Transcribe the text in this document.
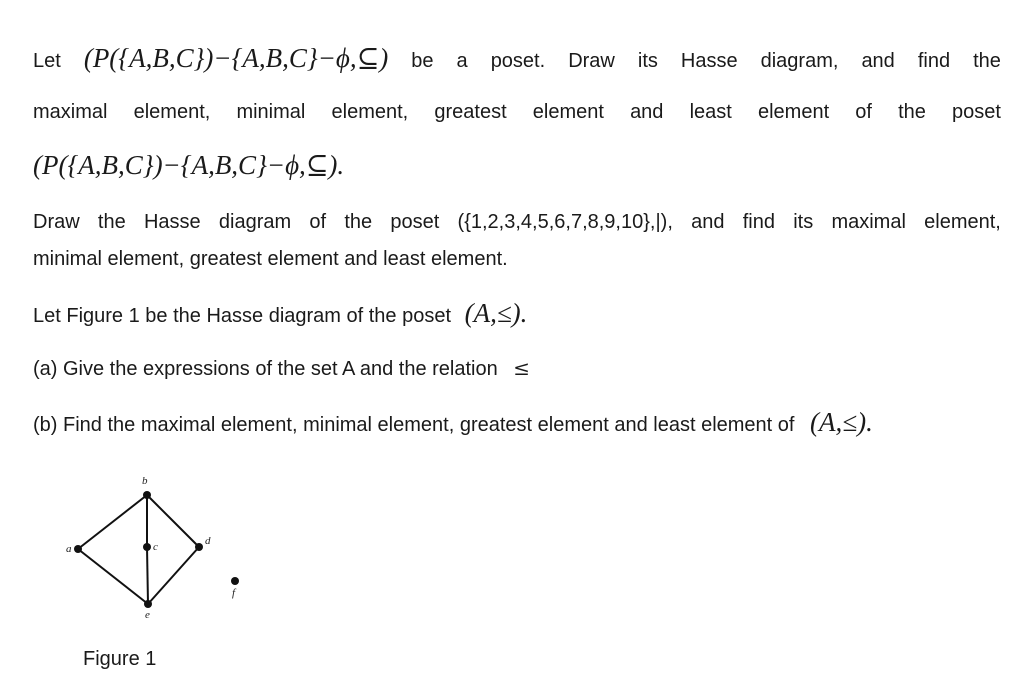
Let (P({A,B,C})−{A,B,C}−ϕ,⊆) be a poset. Draw its Hasse diagram, and find the
maximal element, minimal element, greatest element and least element of the poset
(P({A,B,C})−{A,B,C}−ϕ,⊆).
Draw the Hasse diagram of the poset ({1,2,3,4,5,6,7,8,9,10},|), and find its maximal element,
minimal element, greatest element and least element.
Let Figure 1 be the Hasse diagram of the poset (A,≤).
(a) Give the expressions of the set A and the relation ≤
(b) Find the maximal element, minimal element, greatest element and least element of (A,≤).
a
b
c	d
e
f
Figure 1
